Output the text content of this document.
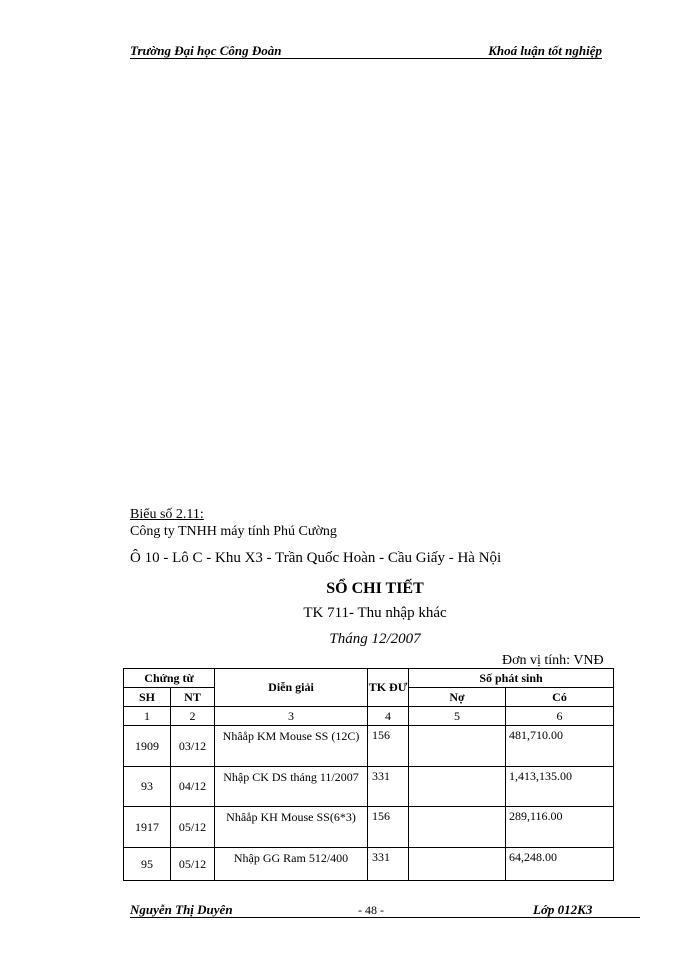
Trường Đại học Công Đoàn	Khoá luận tốt nghiệp
Biểu số 2.11:
Công ty TNHH máy tính Phú Cường
Ô 10 - Lô C - Khu X3 - Trần Quốc Hoàn - Cầu Giấy - Hà Nội
SỔ CHI TIẾT
TK 711- Thu nhập khác
Tháng 12/2007
Đơn vị tính: VNĐ
Chứng từ		Diễn giải	TK ĐƯ	Số phát sinh	
SH	NT			Nợ	Có
1	2	3	4	5	6
1909	03/12	Nhâåp KM Mouse SS (12C)	156		481,710.00
93	04/12	Nhập CK DS tháng 11/2007	331		1,413,135.00
1917	05/12	Nhâåp KH Mouse SS(6*3)	156		289,116.00
95	05/12	Nhập GG Ram 512/400	331		64,248.00
Nguyễn Thị Duyên	- 48 -	Lớp 012K3
